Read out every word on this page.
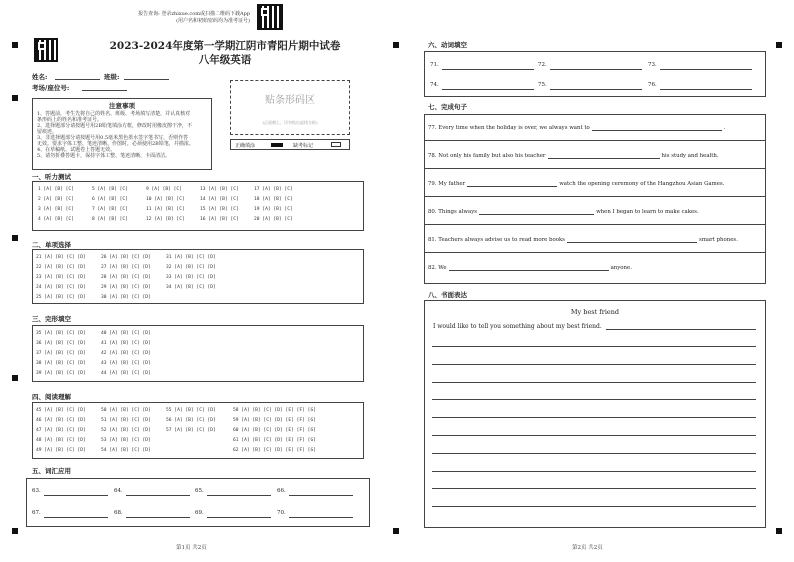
报告查询: 登录zhixue.com或扫描二维码下载App
(用户名和初始密码均为准考证号)
2023-2024年度第一学期江阴市青阳片期中试卷
八年级英语
姓名:	班级:
考场/座位号:
注意事项
1、答题前，考生先将自己的姓名、班级、考场填写清楚，并认真核对
条形码上的姓名和准考证号。
2、选择题部分请按题号用2B铅笔填涂方框，修改时用橡皮擦干净，不
留痕迹。
3、非选择题部分请按题号用0.5毫米黑色墨水签字笔书写，否则作答
无效。要求字体工整、笔迹清晰。作图时，必须使用2B铅笔，并描浓。
4、在草稿纸、试题卷上答题无效。
5、请勿折叠答题卡，保持字体工整、笔迹清晰、卡面清洁。
贴条形码区
(正面朝上，切勿贴出虚线方框)
正确填涂	缺考标记
一、听力测试
1 [A] [B] [C]	5 [A] [B] [C]	9 [A] [B] [C]	13 [A] [B] [C]	17 [A] [B] [C]
2 [A] [B] [C]	6 [A] [B] [C]	10 [A] [B] [C]	14 [A] [B] [C]	18 [A] [B] [C]
3 [A] [B] [C]	7 [A] [B] [C]	11 [A] [B] [C]	15 [A] [B] [C]	19 [A] [B] [C]
4 [A] [B] [C]	8 [A] [B] [C]	12 [A] [B] [C]	16 [A] [B] [C]	20 [A] [B] [C]
二、单项选择
21 [A] [B] [C] [D]	26 [A] [B] [C] [D]	31 [A] [B] [C] [D]
22 [A] [B] [C] [D]	27 [A] [B] [C] [D]	32 [A] [B] [C] [D]
23 [A] [B] [C] [D]	28 [A] [B] [C] [D]	33 [A] [B] [C] [D]
24 [A] [B] [C] [D]	29 [A] [B] [C] [D]	34 [A] [B] [C] [D]
25 [A] [B] [C] [D]	30 [A] [B] [C] [D]
三、完形填空
35 [A] [B] [C] [D]	40 [A] [B] [C] [D]
36 [A] [B] [C] [D]	41 [A] [B] [C] [D]
37 [A] [B] [C] [D]	42 [A] [B] [C] [D]
38 [A] [B] [C] [D]	43 [A] [B] [C] [D]
39 [A] [B] [C] [D]	44 [A] [B] [C] [D]
四、阅读理解
45 [A] [B] [C] [D]	50 [A] [B] [C] [D]	55 [A] [B] [C] [D]	58 [A] [B] [C] [D] [E] [F] [G]
46 [A] [B] [C] [D]	51 [A] [B] [C] [D]	56 [A] [B] [C] [D]	59 [A] [B] [C] [D] [E] [F] [G]
47 [A] [B] [C] [D]	52 [A] [B] [C] [D]	57 [A] [B] [C] [D]	60 [A] [B] [C] [D] [E] [F] [G]
48 [A] [B] [C] [D]	53 [A] [B] [C] [D]	61 [A] [B] [C] [D] [E] [F] [G]
49 [A] [B] [C] [D]	54 [A] [B] [C] [D]	62 [A] [B] [C] [D] [E] [F] [G]
五、词汇应用
63.	64.	65.	66.
67.	68.	69.	70.
第1页 共2页
六、动词填空
71.	72.	73.
74.	75.	76.
七、完成句子
77. Every time when the holiday is over, we always want to	.
78. Not only his family but also his teacher	his study and health.
79. My father	watch the opening ceremony of the Hangzhou Asian Games.
80. Things always	when I began to learn to make cakes.
81. Teachers always advise us to read more books	smart phones.
82. We	anyone.
八、书面表达
My best friend
I would like to tell you something about my best friend.
第2页 共2页
